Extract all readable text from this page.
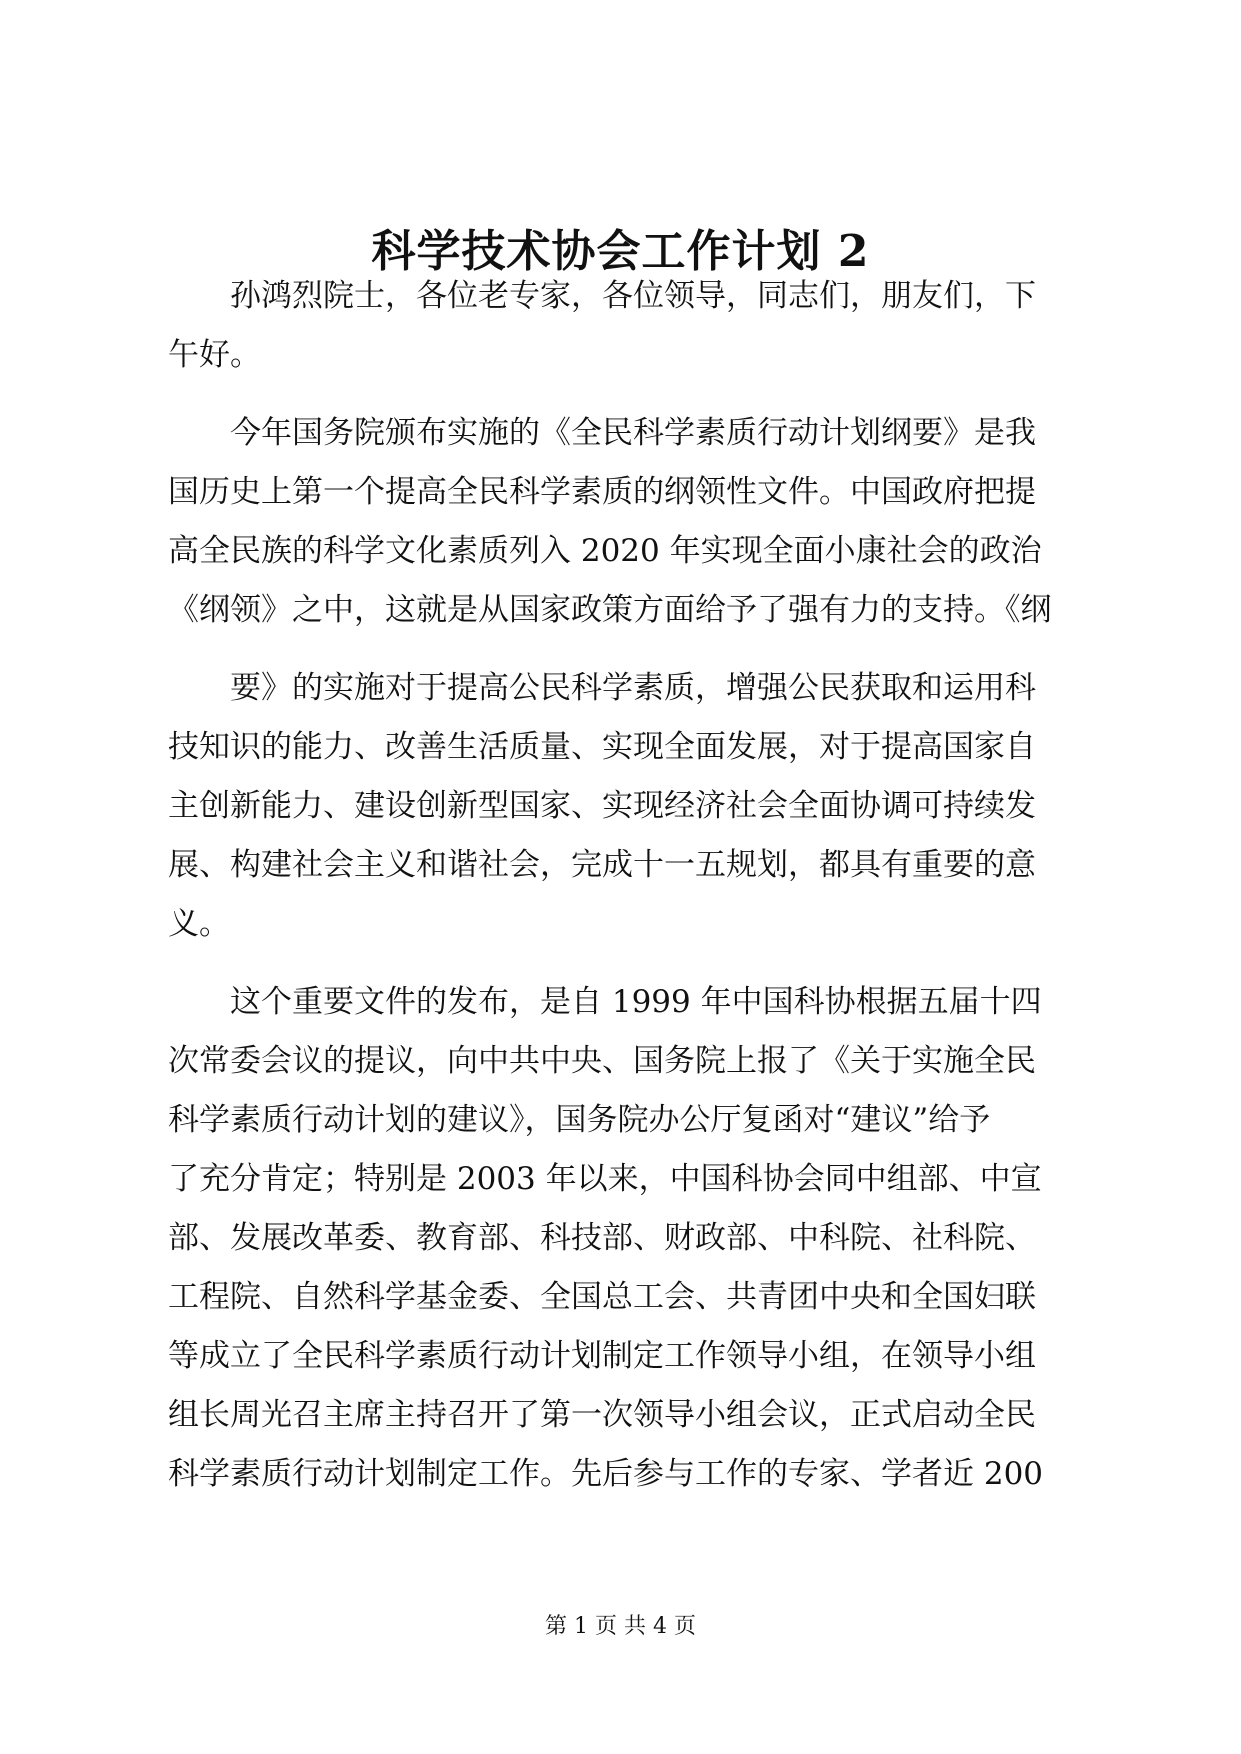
科学技术协会工作计划 2
　　孙鸿烈院士，各位老专家，各位领导，同志们，朋友们，下
午好。
　　今年国务院颁布实施的《全民科学素质行动计划纲要》是我
国历史上第一个提高全民科学素质的纲领性文件。中国政府把提
高全民族的科学文化素质列入 2020 年实现全面小康社会的政治
《纲领》之中，这就是从国家政策方面给予了强有力的支持。《纲
　　要》的实施对于提高公民科学素质，增强公民获取和运用科
技知识的能力、改善生活质量、实现全面发展，对于提高国家自
主创新能力、建设创新型国家、实现经济社会全面协调可持续发
展、构建社会主义和谐社会，完成十一五规划，都具有重要的意
义。
　　这个重要文件的发布，是自 1999 年中国科协根据五届十四
次常委会议的提议，向中共中央、国务院上报了《关于实施全民
科学素质行动计划的建议》，国务院办公厅复函对“建议”给予
了充分肯定；特别是 2003 年以来，中国科协会同中组部、中宣
部、发展改革委、教育部、科技部、财政部、中科院、社科院、
工程院、自然科学基金委、全国总工会、共青团中央和全国妇联
等成立了全民科学素质行动计划制定工作领导小组，在领导小组
组长周光召主席主持召开了第一次领导小组会议，正式启动全民
科学素质行动计划制定工作。先后参与工作的专家、学者近 200
第 1 页 共 4 页
